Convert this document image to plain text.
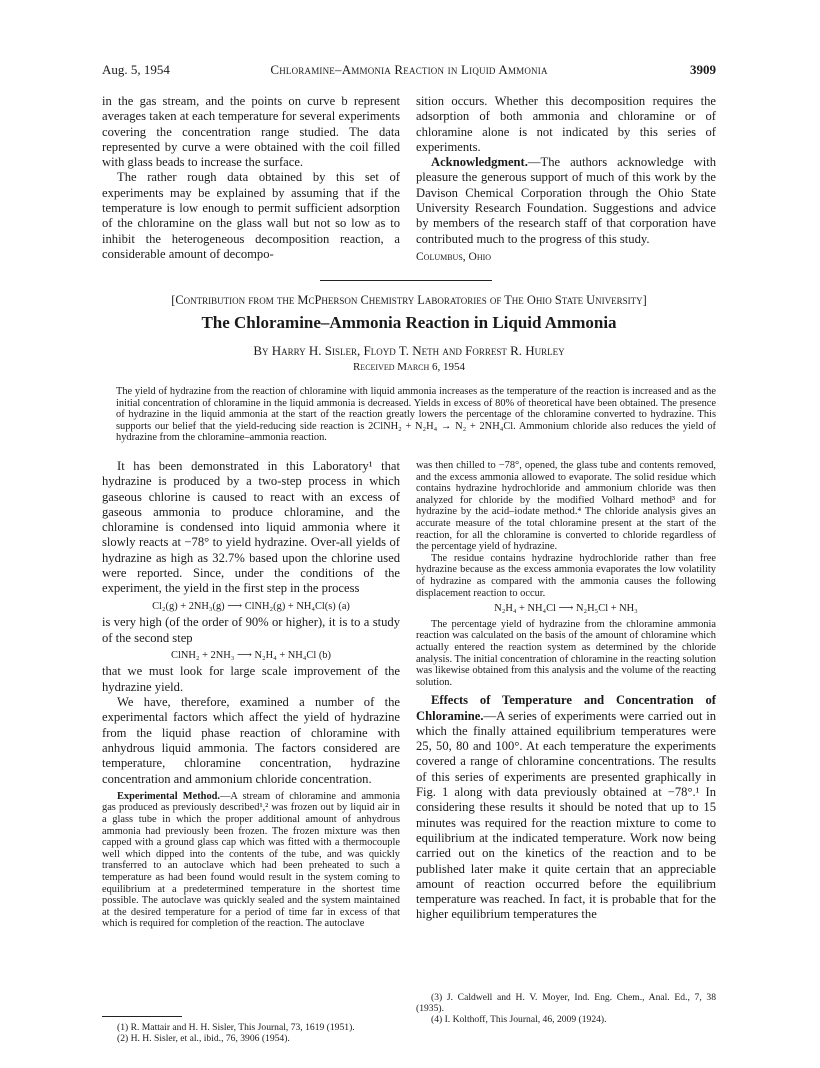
Aug. 5, 1954	Chloramine–Ammonia Reaction in Liquid Ammonia	3909

in the gas stream, and the points on curve b represent averages taken at each temperature for several experiments covering the concentration range studied. The data represented by curve a were obtained with the coil filled with glass beads to increase the surface.

The rather rough data obtained by this set of experiments may be explained by assuming that if the temperature is low enough to permit sufficient adsorption of the chloramine on the glass wall but not so low as to inhibit the heterogeneous decomposition reaction, a considerable amount of decompo-

sition occurs. Whether this decomposition requires the adsorption of both ammonia and chloramine or of chloramine alone is not indicated by this series of experiments.

Acknowledgment.—The authors acknowledge with pleasure the generous support of much of this work by the Davison Chemical Corporation through the Ohio State University Research Foundation. Suggestions and advice by members of the research staff of that corporation have contributed much to the progress of this study.

Columbus, Ohio

[Contribution from the McPherson Chemistry Laboratories of The Ohio State University]
The Chloramine–Ammonia Reaction in Liquid Ammonia
By Harry H. Sisler, Floyd T. Neth and Forrest R. Hurley
Received March 6, 1954

The yield of hydrazine from the reaction of chloramine with liquid ammonia increases as the temperature of the reaction is increased and as the initial concentration of chloramine in the liquid ammonia is decreased. Yields in excess of 80% of theoretical have been obtained. The presence of hydrazine in the liquid ammonia at the start of the reaction greatly lowers the percentage of the chloramine converted to hydrazine. This supports our belief that the yield-reducing side reaction is 2ClNH₂ + N₂H₄ → N₂ + 2NH₄Cl. Ammonium chloride also reduces the yield of hydrazine from the chloramine–ammonia reaction.

It has been demonstrated in this Laboratory¹ that hydrazine is produced by a two-step process in which gaseous chlorine is caused to react with an excess of gaseous ammonia to produce chloramine, and the chloramine is condensed into liquid ammonia where it slowly reacts at −78° to yield hydrazine. Over-all yields of hydrazine as high as 32.7% based upon the chlorine used were reported. Since, under the conditions of the experiment, the yield in the first step in the process

Cl₂(g) + 2NH₃(g) ⟶ ClNH₂(g) + NH₄Cl(s) (a)

is very high (of the order of 90% or higher), it is to a study of the second step

ClNH₂ + 2NH₃ ⟶ N₂H₄ + NH₄Cl (b)

that we must look for large scale improvement of the hydrazine yield.

We have, therefore, examined a number of the experimental factors which affect the yield of hydrazine from the liquid phase reaction of chloramine with anhydrous liquid ammonia. The factors considered are temperature, chloramine concentration, hydrazine concentration and ammonium chloride concentration.

Experimental Method.—A stream of chloramine and ammonia gas produced as previously described¹,² was frozen out by liquid air in a glass tube in which the proper additional amount of anhydrous ammonia had previously been frozen. The frozen mixture was then capped with a ground glass cap which was fitted with a thermocouple well which dipped into the contents of the tube, and was quickly transferred to an autoclave which had been preheated to such a temperature as had been found would result in the system coming to equilibrium at a predetermined temperature in the shortest time possible. The autoclave was quickly sealed and the system maintained at the desired temperature for a period of time far in excess of that which is required for completion of the reaction. The autoclave

(1) R. Mattair and H. H. Sisler, This Journal, 73, 1619 (1951).

(2) H. H. Sisler, et al., ibid., 76, 3906 (1954).

was then chilled to −78°, opened, the glass tube and contents removed, and the excess ammonia allowed to evaporate. The solid residue which contains hydrazine hydrochloride and ammonium chloride was then analyzed for chloride by the modified Volhard method³ and for hydrazine by the acid–iodate method.⁴ The chloride analysis gives an accurate measure of the total chloramine present at the start of the reaction, for all the chloramine is converted to chloride regardless of the percentage yield of hydrazine.

The residue contains hydrazine hydrochloride rather than free hydrazine because as the excess ammonia evaporates the low volatility of hydrazine as compared with the ammonia causes the following displacement reaction to occur.

N₂H₄ + NH₄Cl ⟶ N₂H₅Cl + NH₃

The percentage yield of hydrazine from the chloramine ammonia reaction was calculated on the basis of the amount of chloramine which actually entered the reaction system as determined by the chloride analysis. The initial concentration of chloramine in the reacting solution was likewise obtained from this analysis and the volume of the reacting solution.

Effects of Temperature and Concentration of Chloramine.—A series of experiments were carried out in which the finally attained equilibrium temperatures were 25, 50, 80 and 100°. At each temperature the experiments covered a range of chloramine concentrations. The results of this series of experiments are presented graphically in Fig. 1 along with data previously obtained at −78°.¹ In considering these results it should be noted that up to 15 minutes was required for the reaction mixture to come to equilibrium at the indicated temperature. Work now being carried out on the kinetics of the reaction and to be published later make it quite certain that an appreciable amount of reaction occurred before the equilibrium temperature was reached. In fact, it is probable that for the higher equilibrium temperatures the

(3) J. Caldwell and H. V. Moyer, Ind. Eng. Chem., Anal. Ed., 7, 38 (1935).

(4) I. Kolthoff, This Journal, 46, 2009 (1924).
